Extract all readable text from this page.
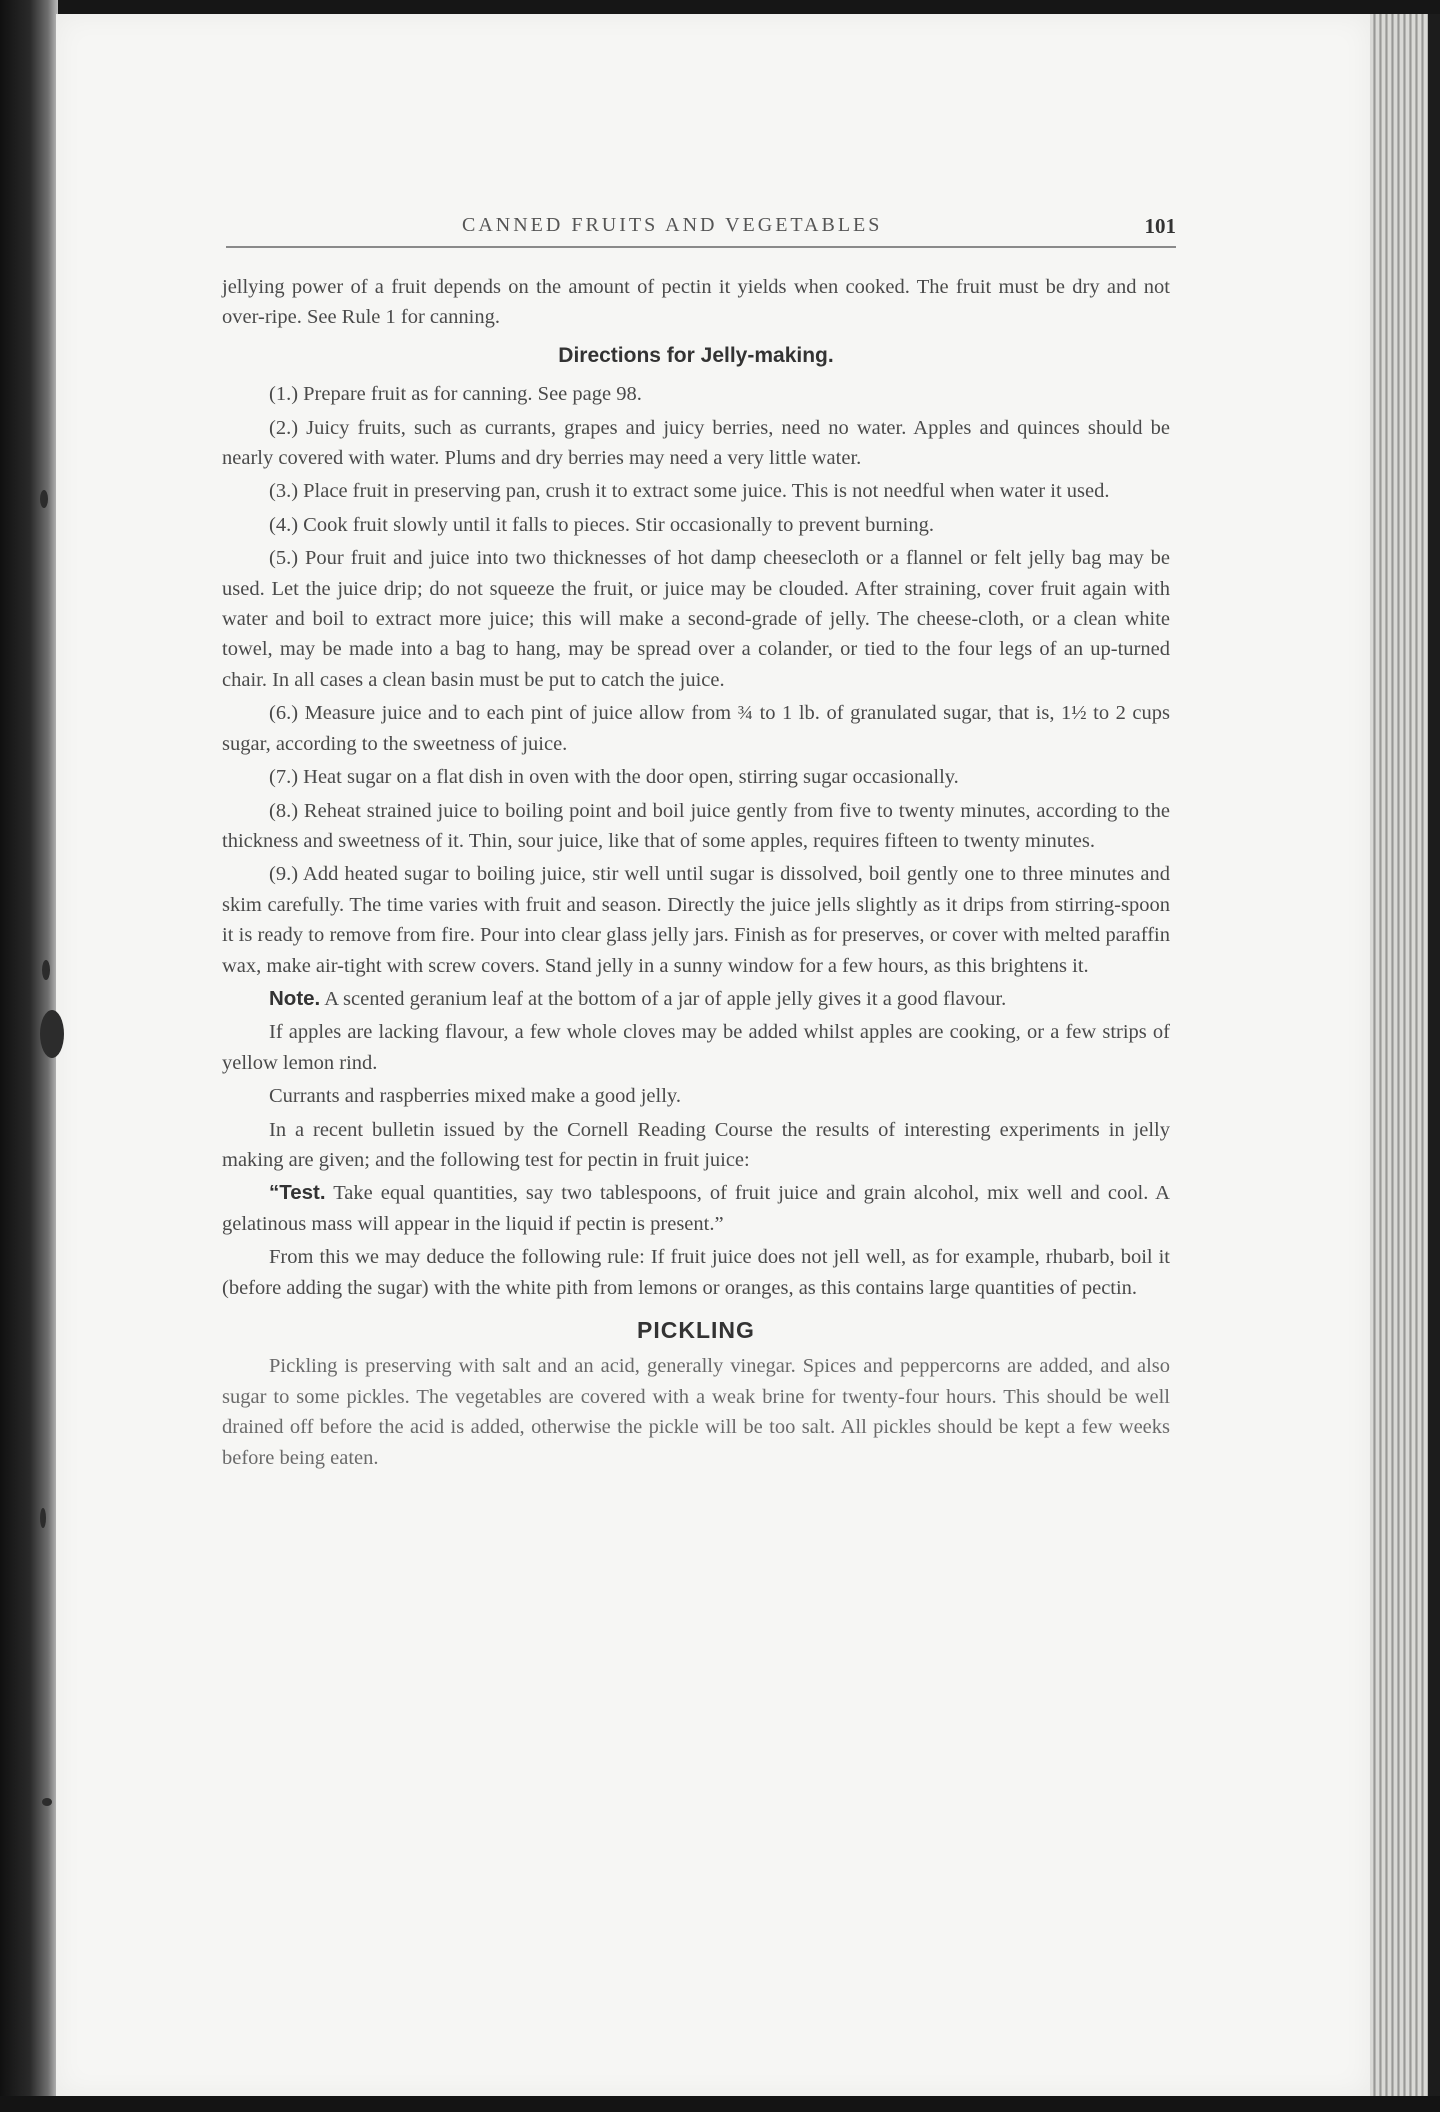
CANNED FRUITS AND VEGETABLES	101

jellying power of a fruit depends on the amount of pectin it yields when cooked. The fruit must be dry and not over-ripe. See Rule 1 for canning.

Directions for Jelly-making.

(1.) Prepare fruit as for canning. See page 98.

(2.) Juicy fruits, such as currants, grapes and juicy berries, need no water. Apples and quinces should be nearly covered with water. Plums and dry berries may need a very little water.

(3.) Place fruit in preserving pan, crush it to extract some juice. This is not needful when water it used.

(4.) Cook fruit slowly until it falls to pieces. Stir occasionally to prevent burning.

(5.) Pour fruit and juice into two thicknesses of hot damp cheesecloth or a flannel or felt jelly bag may be used. Let the juice drip; do not squeeze the fruit, or juice may be clouded. After straining, cover fruit again with water and boil to extract more juice; this will make a second-grade of jelly. The cheese-cloth, or a clean white towel, may be made into a bag to hang, may be spread over a colander, or tied to the four legs of an up-turned chair. In all cases a clean basin must be put to catch the juice.

(6.) Measure juice and to each pint of juice allow from ¾ to 1 lb. of granulated sugar, that is, 1½ to 2 cups sugar, according to the sweetness of juice.

(7.) Heat sugar on a flat dish in oven with the door open, stirring sugar occasionally.

(8.) Reheat strained juice to boiling point and boil juice gently from five to twenty minutes, according to the thickness and sweetness of it. Thin, sour juice, like that of some apples, requires fifteen to twenty minutes.

(9.) Add heated sugar to boiling juice, stir well until sugar is dissolved, boil gently one to three minutes and skim carefully. The time varies with fruit and season. Directly the juice jells slightly as it drips from stirring-spoon it is ready to remove from fire. Pour into clear glass jelly jars. Finish as for preserves, or cover with melted paraffin wax, make air-tight with screw covers. Stand jelly in a sunny window for a few hours, as this brightens it.

Note. A scented geranium leaf at the bottom of a jar of apple jelly gives it a good flavour.

If apples are lacking flavour, a few whole cloves may be added whilst apples are cooking, or a few strips of yellow lemon rind.

Currants and raspberries mixed make a good jelly.

In a recent bulletin issued by the Cornell Reading Course the results of interesting experiments in jelly making are given; and the following test for pectin in fruit juice:

“Test. Take equal quantities, say two tablespoons, of fruit juice and grain alcohol, mix well and cool. A gelatinous mass will appear in the liquid if pectin is present.”

From this we may deduce the following rule: If fruit juice does not jell well, as for example, rhubarb, boil it (before adding the sugar) with the white pith from lemons or oranges, as this contains large quantities of pectin.

PICKLING

Pickling is preserving with salt and an acid, generally vinegar. Spices and peppercorns are added, and also sugar to some pickles. The vegetables are covered with a weak brine for twenty-four hours. This should be well drained off before the acid is added, otherwise the pickle will be too salt. All pickles should be kept a few weeks before being eaten.
